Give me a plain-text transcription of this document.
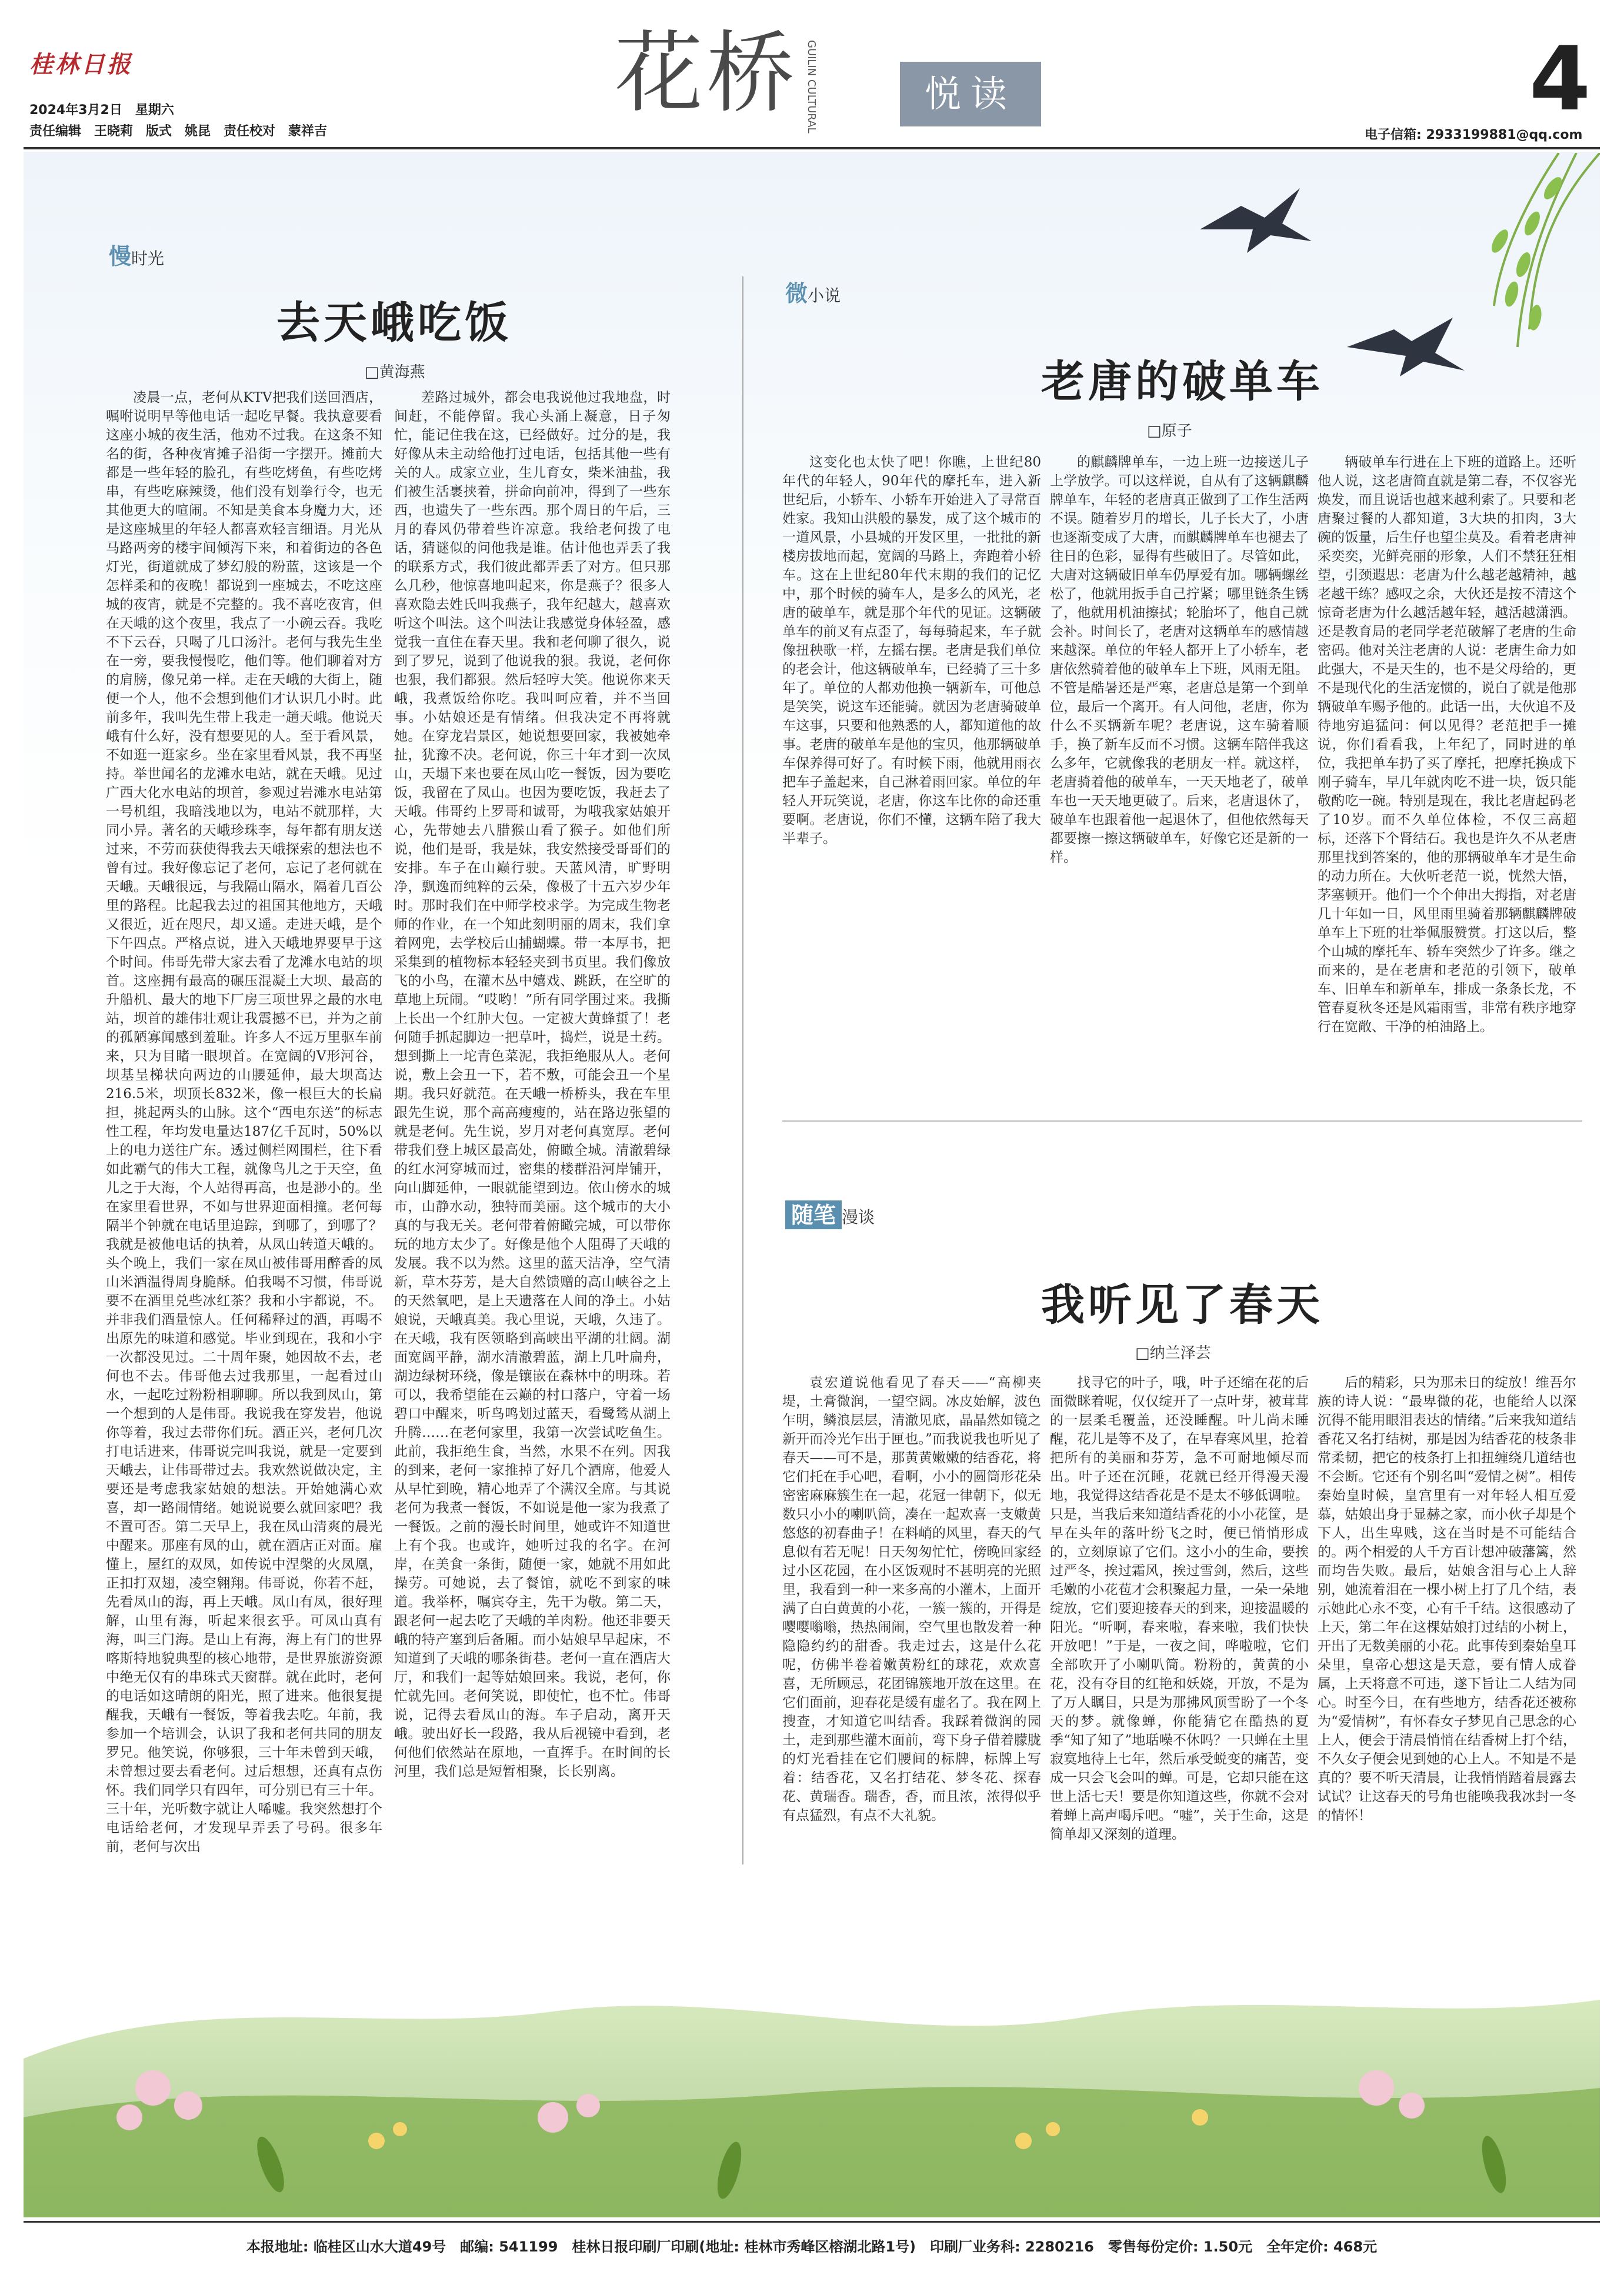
桂林日报
2024年3月2日　星期六
责任编辑　王晓莉　版式　姚昆　责任校对　蒙祥吉
花桥 GUILIN CULTURAL	悦读	4
电子信箱: 2933199881@qq.com
慢时光
去天峨吃饭
□黄海燕

凌晨一点，老何从KTV把我们送回酒店，嘱咐说明早等他电话一起吃早餐。我执意要看这座小城的夜生活，他劝不过我。在这条不知名的街，各种夜宵摊子沿街一字摆开。摊前大都是一些年轻的脸孔，有些吃烤鱼，有些吃烤串，有些吃麻辣烫，他们没有划拳行令，也无其他更大的喧闹。不知是美食本身魔力大，还是这座城里的年轻人都喜欢轻言细语。月光从马路两旁的楼宇间倾泻下来，和着街边的各色灯光，街道就成了梦幻般的粉蓝，这该是一个怎样柔和的夜晚！都说到一座城去，不吃这座城的夜宵，就是不完整的。我不喜吃夜宵，但在天峨的这个夜里，我点了一小碗云吞。我吃不下云吞，只喝了几口汤汁。老何与我先生坐在一旁，要我慢慢吃，他们等。他们聊着对方的肩膀，像兄弟一样。走在天峨的大街上，随便一个人，他不会想到他们才认识几小时。此前多年，我叫先生带上我走一趟天峨。他说天峨有什么好，没有想要见的人。至于看风景，不如逛一逛家乡。坐在家里看风景，我不再坚持。举世闻名的龙滩水电站，就在天峨。见过广西大化水电站的坝首，参观过岩滩水电站第一号机组，我暗浅地以为，电站不就那样，大同小异。著名的天峨珍珠李，每年都有朋友送过来，不劳而获使得我去天峨探索的想法也不曾有过。我好像忘记了老何，忘记了老何就在天峨。天峨很远，与我隔山隔水，隔着几百公里的路程。比起我去过的祖国其他地方，天峨又很近，近在咫尺，却又遥。走进天峨，是个下午四点。严格点说，进入天峨地界要早于这个时间。伟哥先带大家去看了龙滩水电站的坝首。这座拥有最高的碾压混凝土大坝、最高的升船机、最大的地下厂房三项世界之最的水电站，坝首的雄伟壮观让我震撼不已，并为之前的孤陋寡闻感到羞耻。许多人不远万里驱车前来，只为目睹一眼坝首。在宽阔的V形河谷，坝基呈梯状向两边的山腰延伸，最大坝高达216.5米，坝顶长832米，像一根巨大的长扁担，挑起两头的山脉。这个“西电东送”的标志性工程，年均发电量达187亿千瓦时，50%以上的电力送往广东。透过侧栏网围栏，往下看如此霸气的伟大工程，就像鸟儿之于天空，鱼儿之于大海，个人站得再高，也是渺小的。坐在家里看世界，不如与世界迎面相撞。老何每隔半个钟就在电话里追踪，到哪了，到哪了？我就是被他电话的执着，从凤山转道天峨的。头个晚上，我们一家在凤山被伟哥用醉香的凤山米酒温得周身脆酥。伯我喝不习惯，伟哥说要不在酒里兑些冰红茶？我和小宇都说，不。并非我们酒量惊人。任何稀释过的酒，再喝不出原先的味道和感觉。毕业到现在，我和小宇一次都没见过。二十周年聚，她因故不去，老何也不去。伟哥他去过我那里，一起看过山水，一起吃过粉粉相聊聊。所以我到凤山，第一个想到的人是伟哥。我说我在穿发岩，他说你等着，我过去带你们玩。酒正兴，老何几次打电话进来，伟哥说完叫我说，就是一定要到天峨去，让伟哥带过去。我欢然说做决定，主要还是考虑我家姑娘的想法。开始她满心欢喜，却一路闹情绪。她说说要么就回家吧？我不置可否。第二天早上，我在凤山清爽的晨光中醒来。那座有凤的山，就在酒店正对面。雇懂上，屋红的双凤，如传说中涅槃的火凤凰，正扣打双翅，凌空翱翔。伟哥说，你若不赶，先看凤山的海，再上天峨。凤山有凤，很好理解，山里有海，听起来很玄乎。可凤山真有海，叫三门海。是山上有海，海上有门的世界喀斯特地貌典型的核心地带，是世界旅游资源中绝无仅有的串珠式天窗群。就在此时，老何的电话如这晴朗的阳光，照了进来。他很复提醒我，天峨有一餐饭，等着我去吃。年前，我参加一个培训会，认识了我和老何共同的朋友罗兄。他笑说，你够狠，三十年未曾到天峨，未曾想过要去看老何。过后想想，还真有点伤怀。我们同学只有四年，可分别已有三十年。三十年，光听数字就让人唏嘘。我突然想打个电话给老何，才发现早弄丢了号码。很多年前，老何与次出

差路过城外，都会电我说他过我地盘，时间赶，不能停留。我心头涌上凝意，日子匆忙，能记住我在这，已经做好。过分的是，我好像从未主动给他打过电话，包括其他一些有关的人。成家立业，生儿育女，柴米油盐，我们被生活裹挟着，拼命向前冲，得到了一些东西，也遗失了一些东西。那个周日的午后，三月的春风仍带着些许凉意。我给老何拨了电话，猜谜似的问他我是谁。估计他也弄丢了我的联系方式，我们彼此都弄丢了对方。但只那么几秒，他惊喜地叫起来，你是燕子？很多人喜欢隐去姓氏叫我燕子，我年纪越大，越喜欢听这个叫法。这个叫法让我感觉身体轻盈，感觉我一直住在春天里。我和老何聊了很久，说到了罗兄，说到了他说我的狠。我说，老何你也狠，我们都狠。然后轻哼大笑。他说你来天峨，我煮饭给你吃。我叫呵应着，并不当回事。小姑娘还是有情绪。但我决定不再将就她。在穿龙岩景区，她说想要回家，我被她牵扯，犹豫不决。老何说，你三十年才到一次凤山，天塌下来也要在凤山吃一餐饭，因为要吃饭，我留在了凤山。也因为要吃饭，我赶去了天峨。伟哥约上罗哥和诚哥，为哦我家姑娘开心，先带她去八腊猴山看了猴子。如他们所说，他们是哥，我是妹，我安然接受哥哥们的安排。车子在山巅行驶。天蓝风清，旷野明净，飘逸而纯粹的云朵，像极了十五六岁少年时。那时我们在中师学校求学。为完成生物老师的作业，在一个知此刻明丽的周末，我们拿着网兜，去学校后山捕蝴蝶。带一本厚书，把采集到的植物标本轻轻夹到书页里。我们像放飞的小鸟，在灌木丛中嬉戏、跳跃，在空旷的草地上玩闹。“哎哟！”所有同学围过来。我撕上长出一个红肿大包。一定被大黄蜂蜇了！老何随手抓起脚边一把草叶，捣烂，说是土药。想到撕上一坨青色菜泥，我拒绝服从人。老何说，敷上会丑一下，若不敷，可能会丑一个星期。我只好就范。在天峨一桥桥头，我在车里跟先生说，那个高高瘦瘦的，站在路边张望的就是老何。先生说，岁月对老何真宽厚。老何带我们登上城区最高处，俯瞰全城。清澈碧绿的红水河穿城而过，密集的楼群沿河岸铺开，向山脚延伸，一眼就能望到边。依山傍水的城市，山静水动，独特而美丽。这个城市的大小真的与我无关。老何带着俯瞰完城，可以带你玩的地方太少了。好像是他个人阻碍了天峨的发展。我不以为然。这里的蓝天洁净，空气清新，草木芬芳，是大自然馈赠的高山峡谷之上的天然氧吧，是上天遗落在人间的净土。小姑娘说，天峨真美。我心里说，天峨，久违了。在天峨，我有医领略到高峡出平湖的壮阔。湖面宽阔平静，湖水清澈碧蓝，湖上几叶扁舟，湖边绿树环绕，像是镶嵌在森林中的明珠。若可以，我希望能在云巅的村口落户，守着一场碧口中醒来，听鸟鸣划过蓝天，看鹭鸶从湖上升腾……在老何家里，我第一次尝试吃鱼生。此前，我拒绝生食，当然，水果不在列。因我的到来，老何一家推掉了好几个酒席，他爱人从早忙到晚，精心地弄了个满汉全席。与其说老何为我煮一餐饭，不如说是他一家为我煮了一餐饭。之前的漫长时间里，她或许不知道世上有个我。也或许，她听过我的名字。在河岸，在美食一条街，随便一家，她就不用如此操劳。可她说，去了餐馆，就吃不到家的味道。我举杯，嘱宾夺主，先干为敬。第二天，跟老何一起去吃了天峨的羊肉粉。他还非要天峨的特产塞到后备厢。而小姑娘早早起床，不知道到了天峨的哪条街巷。老何一直在酒店大厅，和我们一起等姑娘回来。我说，老何，你忙就先回。老何笑说，即使忙，也不忙。伟哥说，记得去看凤山的海。车子启动，离开天峨。驶出好长一段路，我从后视镜中看到，老何他们依然站在原地，一直挥手。在时间的长河里，我们总是短暂相聚，长长别离。

微小说
老唐的破单车
□原子

这变化也太快了吧！你瞧，上世纪80年代的年轻人，90年代的摩托车，进入新世纪后，小轿车、小轿车开始进入了寻常百姓家。我知山洪般的暴发，成了这个城市的一道风景，小县城的开发区里，一批批的新楼房拔地而起，宽阔的马路上，奔跑着小轿车。这在上世纪80年代末期的我们的记忆中，那个时候的骑车人，是多么的风光，老唐的破单车，就是那个年代的见证。这辆破单车的前叉有点歪了，每每骑起来，车子就像扭秧歌一样，左摇右摆。老唐是我们单位的老会计，他这辆破单车，已经骑了三十多年了。单位的人都劝他换一辆新车，可他总是笑笑，说这车还能骑。就因为老唐骑破单车这事，只要和他熟悉的人，都知道他的故事。老唐的破单车是他的宝贝，他那辆破单车保养得可好了。有时候下雨，他就用雨衣把车子盖起来，自己淋着雨回家。单位的年轻人开玩笑说，老唐，你这车比你的命还重要啊。老唐说，你们不懂，这辆车陪了我大半辈子。

的麒麟牌单车，一边上班一边接送儿子上学放学。可以这样说，自从有了这辆麒麟牌单车，年轻的老唐真正做到了工作生活两不误。随着岁月的增长，儿子长大了，小唐也逐渐变成了大唐，而麒麟牌单车也褪去了往日的色彩，显得有些破旧了。尽管如此，大唐对这辆破旧单车仍厚爱有加。哪辆螺丝松了，他就用扳手自己拧紧；哪里链条生锈了，他就用机油擦拭；轮胎坏了，他自己就会补。时间长了，老唐对这辆单车的感情越来越深。单位的年轻人都开上了小轿车，老唐依然骑着他的破单车上下班，风雨无阻。不管是酷暑还是严寒，老唐总是第一个到单位，最后一个离开。有人问他，老唐，你为什么不买辆新车呢？老唐说，这车骑着顺手，换了新车反而不习惯。这辆车陪伴我这么多年，它就像我的老朋友一样。就这样，老唐骑着他的破单车，一天天地老了，破单车也一天天地更破了。后来，老唐退休了，破单车也跟着他一起退休了，但他依然每天都要擦一擦这辆破单车，好像它还是新的一样。

辆破单车行进在上下班的道路上。还听他人说，这老唐简直就是第二春，不仅容光焕发，而且说话也越来越利索了。只要和老唐聚过餐的人都知道，3大块的扣肉，3大碗的饭量，后生仔也望尘莫及。看着老唐神采奕奕，光鲜亮丽的形象，人们不禁狂狂相望，引颈遐思：老唐为什么越老越精神，越老越干练？感叹之余，大伙还是按不清这个惊奇老唐为什么越活越年轻，越活越潇洒。还是教育局的老同学老范破解了老唐的生命密码。他对关注老唐的人说：老唐生命力如此强大，不是天生的，也不是父母给的，更不是现代化的生活宠惯的，说白了就是他那辆破单车赐予他的。此话一出，大伙追不及待地穷追猛问：何以见得？老范把手一摊说，你们看看我，上年纪了，同时进的单位，我把单车扔了买了摩托，把摩托换成下刚子骑车，早几年就肉吃不进一块，饭只能敬酌吃一碗。特别是现在，我比老唐起码老了10岁。而不久单位体检，不仅三高超标，还落下个肾结石。我也是许久不从老唐那里找到答案的，他的那辆破单车才是生命的动力所在。大伙听老范一说，恍然大悟，茅塞顿开。他们一个个伸出大拇指，对老唐几十年如一日，风里雨里骑着那辆麒麟牌破单车上下班的壮举佩服赞赏。打这以后，整个山城的摩托车、轿车突然少了许多。继之而来的，是在老唐和老范的引领下，破单车、旧单车和新单车，排成一条条长龙，不管春夏秋冬还是风霜雨雪，非常有秩序地穿行在宽敞、干净的柏油路上。

随笔 漫谈
我听见了春天
□纳兰泽芸

袁宏道说他看见了春天——“高柳夹堤，土膏微润，一望空阔。冰皮始解，波色乍明，鳞浪层层，清澈见底，晶晶然如镜之新开而冷光乍出于匣也。”而我说我也听见了春天——可不是，那黄黄嫩嫩的结香花，将它们托在手心吧，看啊，小小的圆筒形花朵密密麻麻簇生在一起，花冠一律朝下，似无数只小小的喇叭筒，凑在一起欢喜一支嫩黄悠悠的初春曲子！在料峭的风里，春天的气息似有若无呢！日天匆匆忙忙，傍晚回家经过小区花园，在小区饭观时不甚明亮的光照里，我看到一种一来多高的小灌木，上面开满了白白黄黄的小花，一簇一簇的，开得是嘤嘤嗡嗡，热热闹闹，空气里也散发着一种隐隐约约的甜香。我走过去，这是什么花呢，仿佛半卷着嫩黄粉红的球花，欢欢喜喜，无所顾忌，花团锦簇地开放在这里。在它们面前，迎春花是缓有虚名了。我在网上搜查，才知道它叫结香。我踩着微润的园土，走到那些灌木面前，弯下身子借着朦胧的灯光看挂在它们腰间的标牌，标牌上写着：结香花，又名打结花、梦冬花、探春花、黄瑞香。瑞香，香，而且浓，浓得似乎有点猛烈，有点不大礼貌。

找寻它的叶子，哦，叶子还缩在花的后面微眯着呢，仅仅绽开了一点叶芽，被茸茸的一层柔毛覆盖，还没睡醒。叶儿尚未睡醒，花儿是等不及了，在早春寒风里，抢着把所有的美丽和芬芳，急不可耐地倾尽而出。叶子还在沉睡，花就已经开得漫天漫地，我觉得这结香花是不是太不够低调啦。只是，当我后来知道结香花的小小花筐，是早在头年的落叶纷飞之时，便已悄悄形成的，立刻原谅了它们。这小小的生命，要挨过严冬，挨过霜风，挨过雪剑，然后，这些毛嫩的小花苞才会积聚起力量，一朵一朵地绽放，它们要迎接春天的到来，迎接温暖的阳光。“听啊，春来啦，春来啦，我们快快开放吧！”于是，一夜之间，哗啦啦，它们全部吹开了小喇叭筒。粉粉的，黄黄的小花，没有夺目的红艳和妖娆，开放，不是为了万人瞩目，只是为那拂风顶雪盼了一个冬天的梦。就像蝉，你能猜它在酷热的夏季“知了知了”地聒噪不休吗？一只蝉在土里寂寞地待上七年，然后承受蜕变的痛苦，变成一只会飞会叫的蝉。可是，它却只能在这世上活七天！要是你知道这些，你就不会对着蝉上高声喝斥吧。“嘘”，关于生命，这是简单却又深刻的道理。

后的精彩，只为那未日的绽放！维吾尔族的诗人说：“最卑微的花，也能给人以深沉得不能用眼泪表达的情绪。”后来我知道结香花又名打结树，那是因为结香花的枝条非常柔韧，把它的枝条打上扣扭缠绕几道结也不会断。它还有个别名叫“爱情之树”。相传秦始皇时候，皇宫里有一对年轻人相互爱慕，姑娘出身于显赫之家，而小伙子却是个下人，出生卑贱，这在当时是不可能结合的。两个相爱的人千方百计想冲破藩篱，然而均告失败。最后，姑娘含泪与心上人辞别，她流着泪在一棵小树上打了几个结，表示她此心永不变，心有千千结。这很感动了上天，第二年在这棵姑娘打过结的小树上，开出了无数美丽的小花。此事传到秦始皇耳朵里，皇帝心想这是天意，要有情人成眷属，上天将意不可违，遂下旨让二人结为同心。时至今日，在有些地方，结香花还被称为“爱情树”，有怀春女子梦见自己思念的心上人，便会于清晨悄悄在结香树上打个结，不久女子便会见到她的心上人。不知是不是真的？要不听天清晨，让我悄悄踏着晨露去试试？让这春天的号角也能唤我我冰封一冬的情怀！

本报地址: 临桂区山水大道49号　邮编: 541199　桂林日报印刷厂印刷(地址: 桂林市秀峰区榕湖北路1号)　印刷厂业务科: 2280216　零售每份定价: 1.50元　全年定价: 468元
